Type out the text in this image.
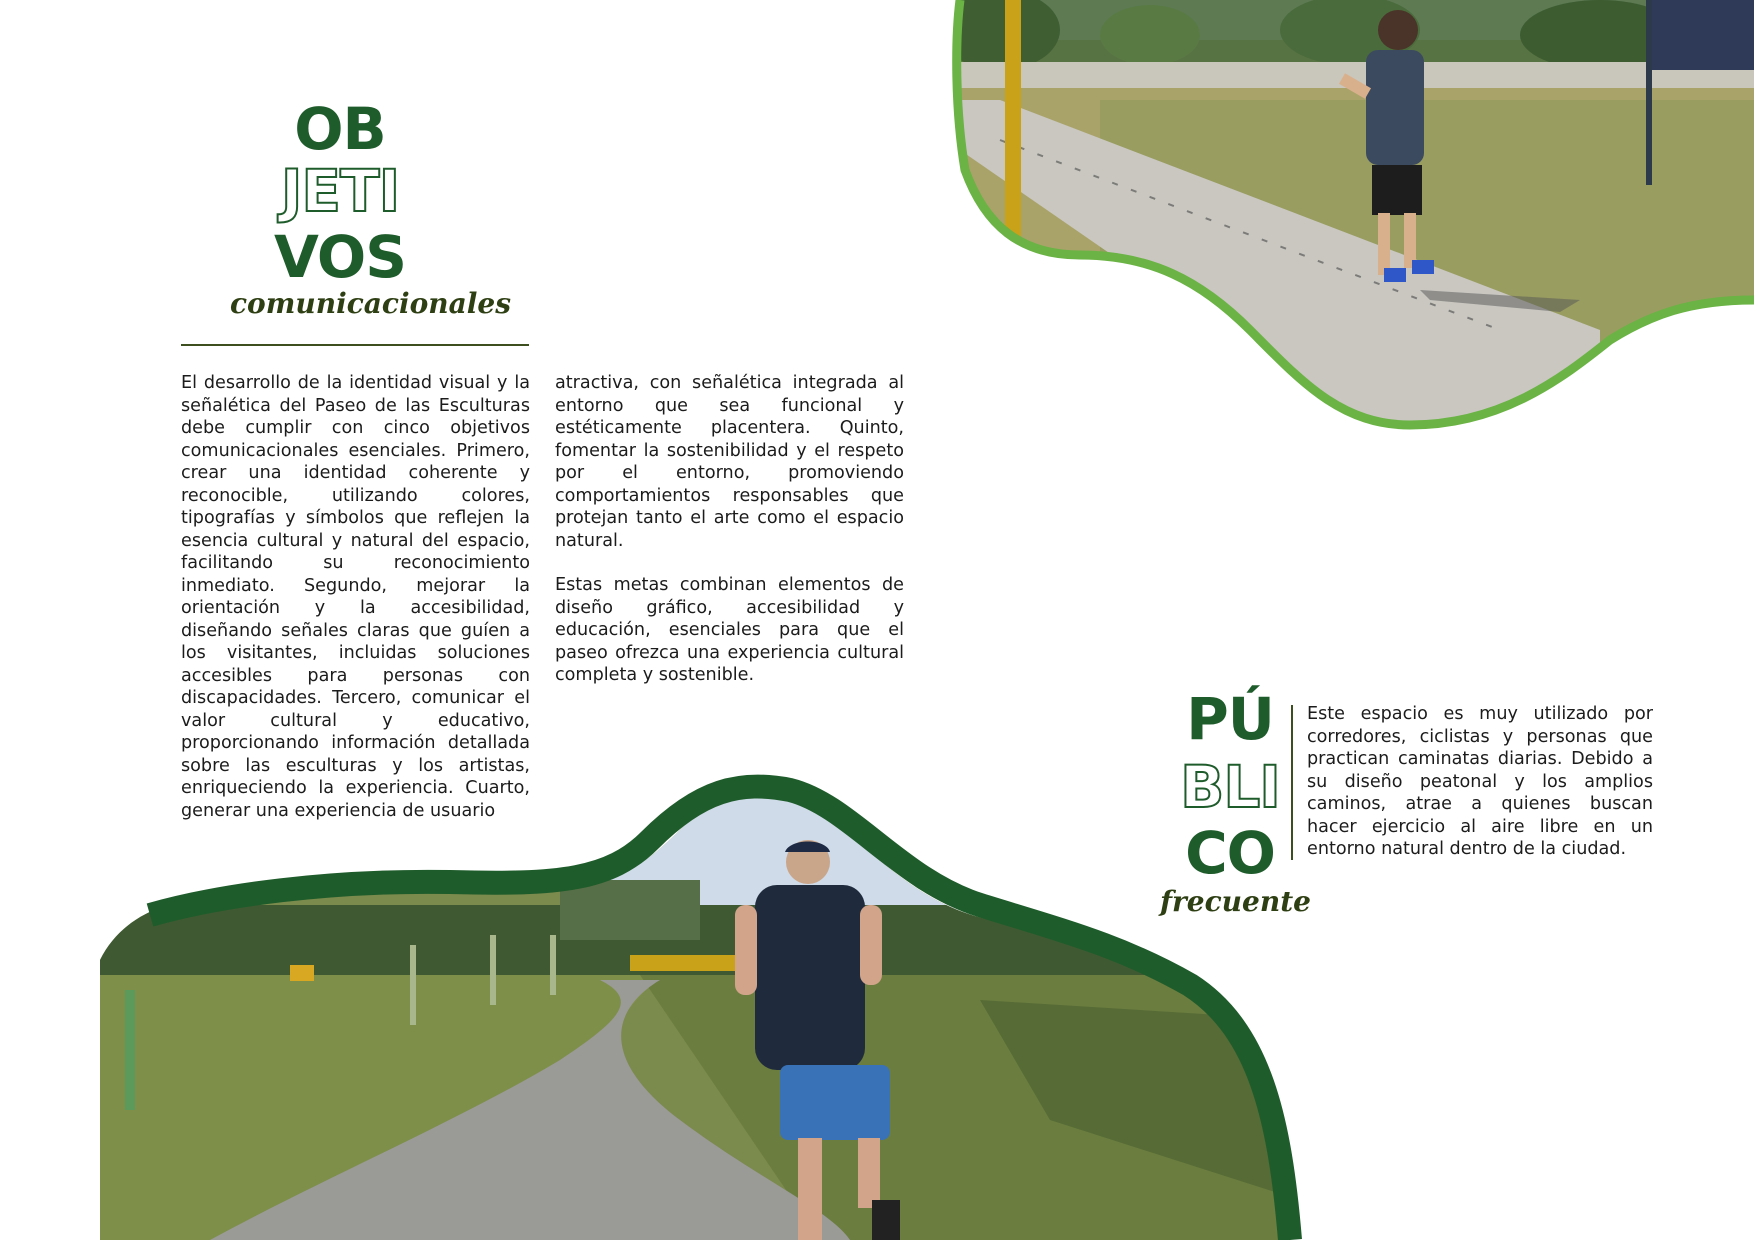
OB
JETI
VOS
comunicacionales

El desarrollo de la identidad visual y la señalética del Paseo de las Esculturas debe cumplir con cinco objetivos comunicacionales esenciales. Primero, crear una identidad coherente y reconocible, utilizando colores, tipografías y símbolos que reflejen la esencia cultural y natural del espacio, facilitando su reconocimiento inmediato. Segundo, mejorar la orientación y la accesibilidad, diseñando señales claras que guíen a los visitantes, incluidas soluciones accesibles para personas con discapacidades. Tercero, comunicar el valor cultural y educativo, proporcionando información detallada sobre las esculturas y los artistas, enriqueciendo la experiencia. Cuarto, generar una experiencia de usuario

atractiva, con señalética integrada al entorno que sea funcional y estéticamente placentera. Quinto, fomentar la sostenibilidad y el respeto por el entorno, promoviendo comportamientos responsables que protejan tanto el arte como el espacio natural.

Estas metas combinan elementos de diseño gráfico, accesibilidad y educación, esenciales para que el paseo ofrezca una experiencia cultural completa y sostenible.

PÚ
BLI
CO
frecuente

Este espacio es muy utilizado por corredores, ciclistas y personas que practican caminatas diarias. Debido a su diseño peatonal y los amplios caminos, atrae a quienes buscan hacer ejercicio al aire libre en un entorno natural dentro de la ciudad.
